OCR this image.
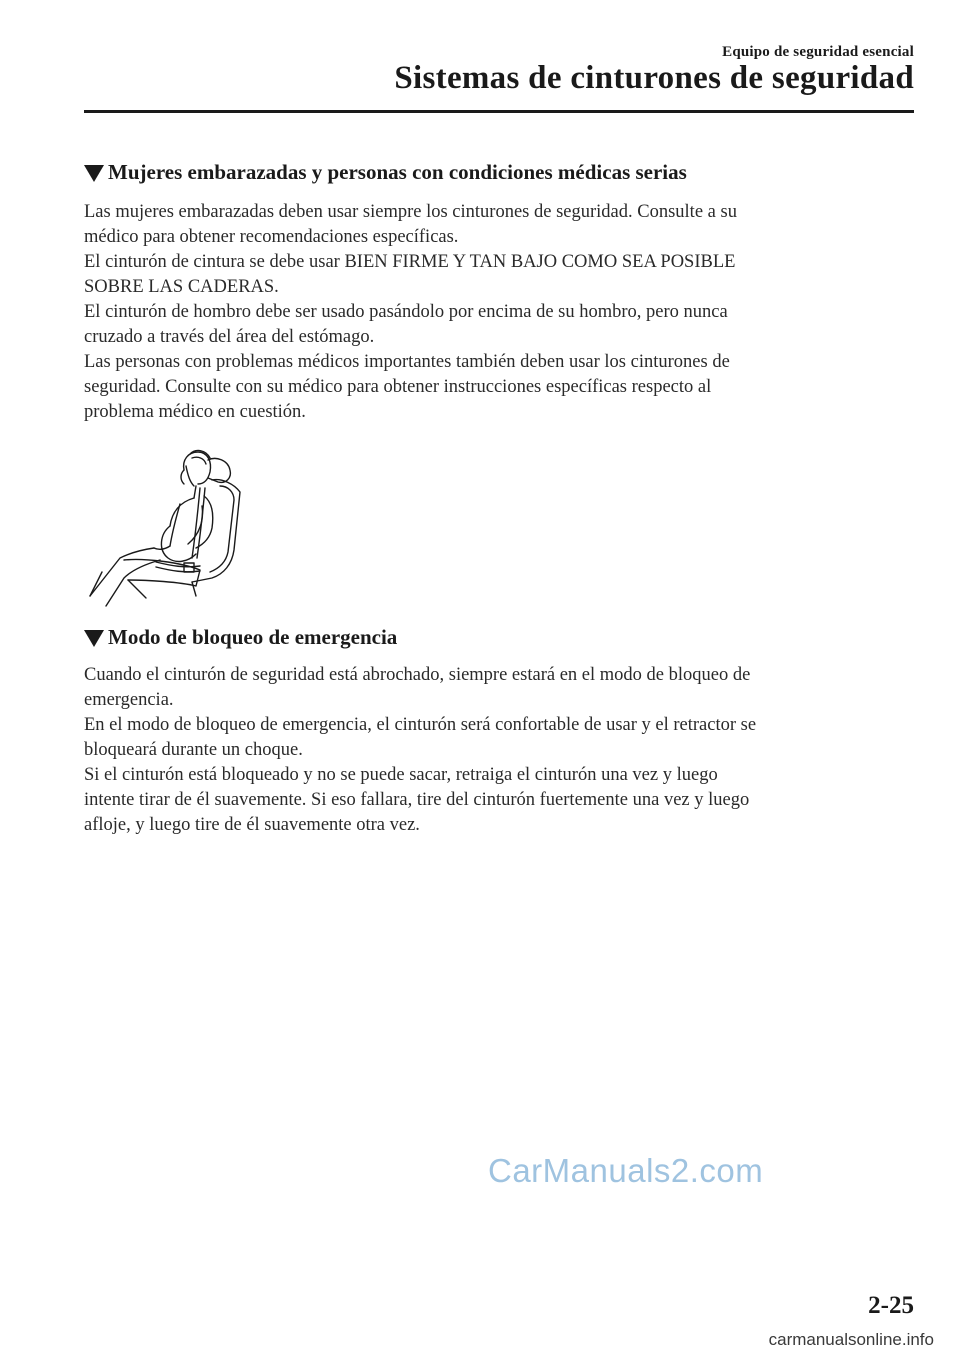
Equipo de seguridad esencial
Sistemas de cinturones de seguridad
Mujeres embarazadas y personas con condiciones médicas serias

Las mujeres embarazadas deben usar siempre los cinturones de seguridad. Consulte a su

médico para obtener recomendaciones específicas.

El cinturón de cintura se debe usar BIEN FIRME Y TAN BAJO COMO SEA POSIBLE

SOBRE LAS CADERAS.

El cinturón de hombro debe ser usado pasándolo por encima de su hombro, pero nunca

cruzado a través del área del estómago.

Las personas con problemas médicos importantes también deben usar los cinturones de

seguridad. Consulte con su médico para obtener instrucciones específicas respecto al

problema médico en cuestión.

Modo de bloqueo de emergencia

Cuando el cinturón de seguridad está abrochado, siempre estará en el modo de bloqueo de

emergencia.

En el modo de bloqueo de emergencia, el cinturón será confortable de usar y el retractor se

bloqueará durante un choque.

Si el cinturón está bloqueado y no se puede sacar, retraiga el cinturón una vez y luego

intente tirar de él suavemente. Si eso fallara, tire del cinturón fuertemente una vez y luego

afloje, y luego tire de él suavemente otra vez.

CarManuals2.com
2-25
carmanualsonline.info
